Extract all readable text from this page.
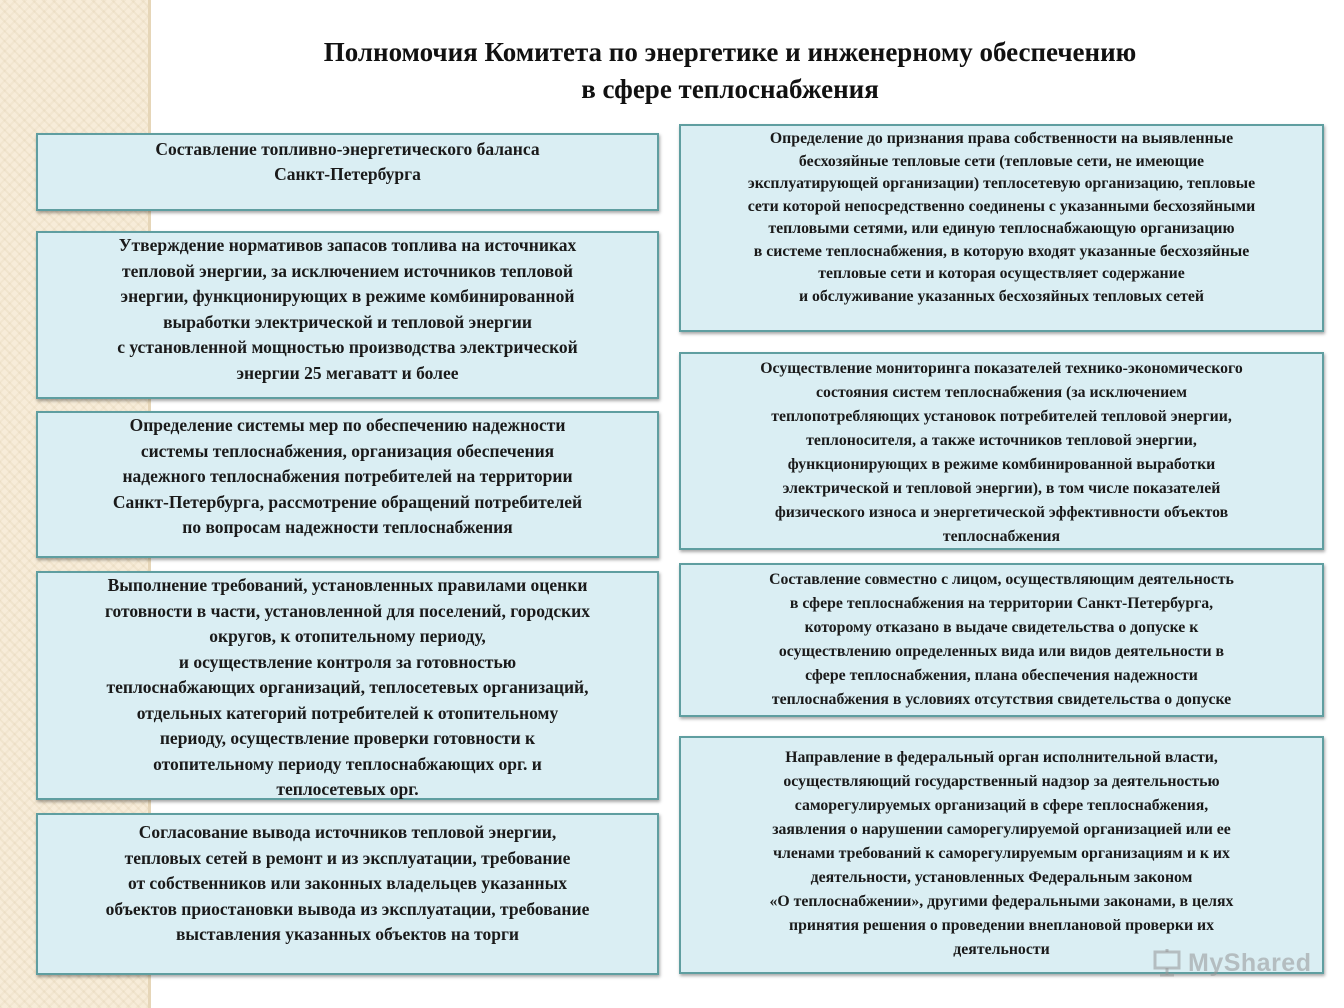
Полномочия Комитета по энергетике и инженерному обеспечению
в сфере теплоснабжения
Составление топливно-энергетического баланса
Санкт-Петербурга
Утверждение нормативов запасов топлива на источниках
тепловой энергии, за исключением источников тепловой
энергии, функционирующих в режиме комбинированной
выработки электрической и тепловой энергии
с установленной мощностью производства электрической
энергии 25 мегаватт и более
Определение системы мер по обеспечению надежности
системы теплоснабжения, организация обеспечения
надежного теплоснабжения потребителей на территории
Санкт-Петербурга, рассмотрение обращений потребителей
по вопросам надежности теплоснабжения
Выполнение требований, установленных правилами оценки
готовности в части, установленной для поселений, городских
округов, к отопительному периоду,
и осуществление контроля за готовностью
теплоснабжающих организаций, теплосетевых организаций,
отдельных категорий потребителей к отопительному
периоду, осуществление проверки готовности к
отопительному периоду теплоснабжающих орг. и
теплосетевых орг.
Согласование вывода источников тепловой энергии,
тепловых сетей в ремонт и из эксплуатации, требование
от собственников или законных владельцев указанных
объектов приостановки вывода из эксплуатации, требование
выставления указанных объектов на торги
Определение до признания права собственности на выявленные
бесхозяйные тепловые сети (тепловые сети, не имеющие
эксплуатирующей организации) теплосетевую организацию, тепловые
сети которой непосредственно соединены с указанными бесхозяйными
тепловыми сетями, или единую теплоснабжающую организацию
в системе теплоснабжения, в которую входят указанные бесхозяйные
тепловые сети и которая осуществляет содержание
и обслуживание указанных бесхозяйных тепловых сетей
Осуществление мониторинга показателей технико-экономического
состояния систем теплоснабжения (за исключением
теплопотребляющих установок потребителей тепловой энергии,
теплоносителя, а также источников тепловой энергии,
функционирующих в режиме комбинированной выработки
электрической и тепловой энергии), в том числе показателей
физического износа и энергетической эффективности объектов
теплоснабжения
Составление совместно с лицом, осуществляющим деятельность
в сфере теплоснабжения на территории Санкт-Петербурга,
которому отказано в выдаче свидетельства о допуске к
осуществлению определенных вида или видов деятельности в
сфере теплоснабжения, плана обеспечения надежности
теплоснабжения в условиях отсутствия свидетельства о допуске
Направление в федеральный орган исполнительной власти,
осуществляющий государственный надзор за деятельностью
саморегулируемых организаций в сфере теплоснабжения,
заявления о нарушении саморегулируемой организацией или ее
членами требований к саморегулируемым организациям и к их
деятельности, установленных Федеральным законом
«О теплоснабжении», другими федеральными законами, в целях
принятия решения о проведении внеплановой проверки их
деятельности	MyShared
